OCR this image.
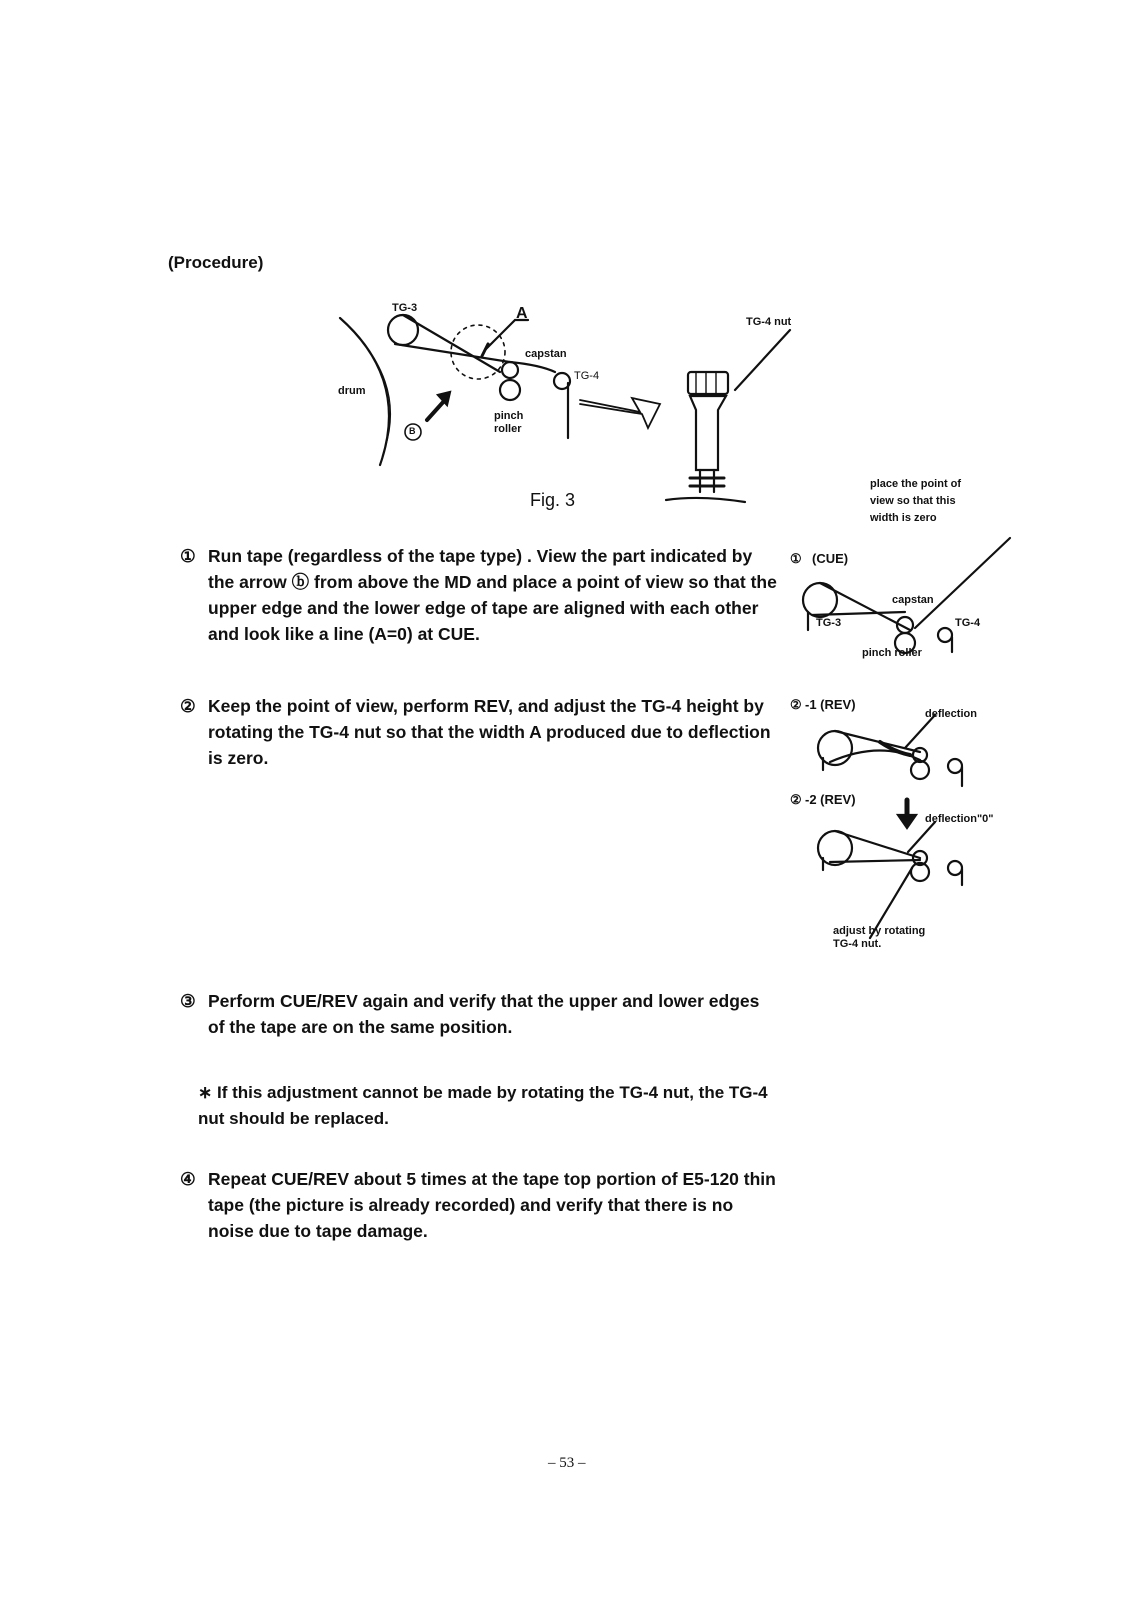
(Procedure)
TG-3	A	TG-4 nut
capstan
TG-4
drum
pinch
roller
B
Fig. 3
place the point of
view so that this
width is zero
① (CUE)
capstan
TG-3	TG-4
pinch roller
② -1 (REV)
deflection
② -2 (REV)
deflection"0"
adjust by rotating
TG-4 nut.
① Run tape (regardless of the tape type) . View the part indicated by the arrow ⓑ from above the MD and place a point of view so that the upper edge and the lower edge of tape are aligned with each other and look like a line (A=0) at CUE.
② Keep the point of view, perform REV, and adjust the TG-4 height by rotating the TG-4 nut so that the width A produced due to deflection is zero.
③ Perform CUE/REV again and verify that the upper and lower edges of the tape are on the same position.
∗ If this adjustment cannot be made by rotating the TG-4 nut, the TG-4 nut should be replaced.
④ Repeat CUE/REV about 5 times at the tape top portion of E5-120 thin tape (the picture is already recorded) and verify that there is no noise due to tape damage.
– 53 –
